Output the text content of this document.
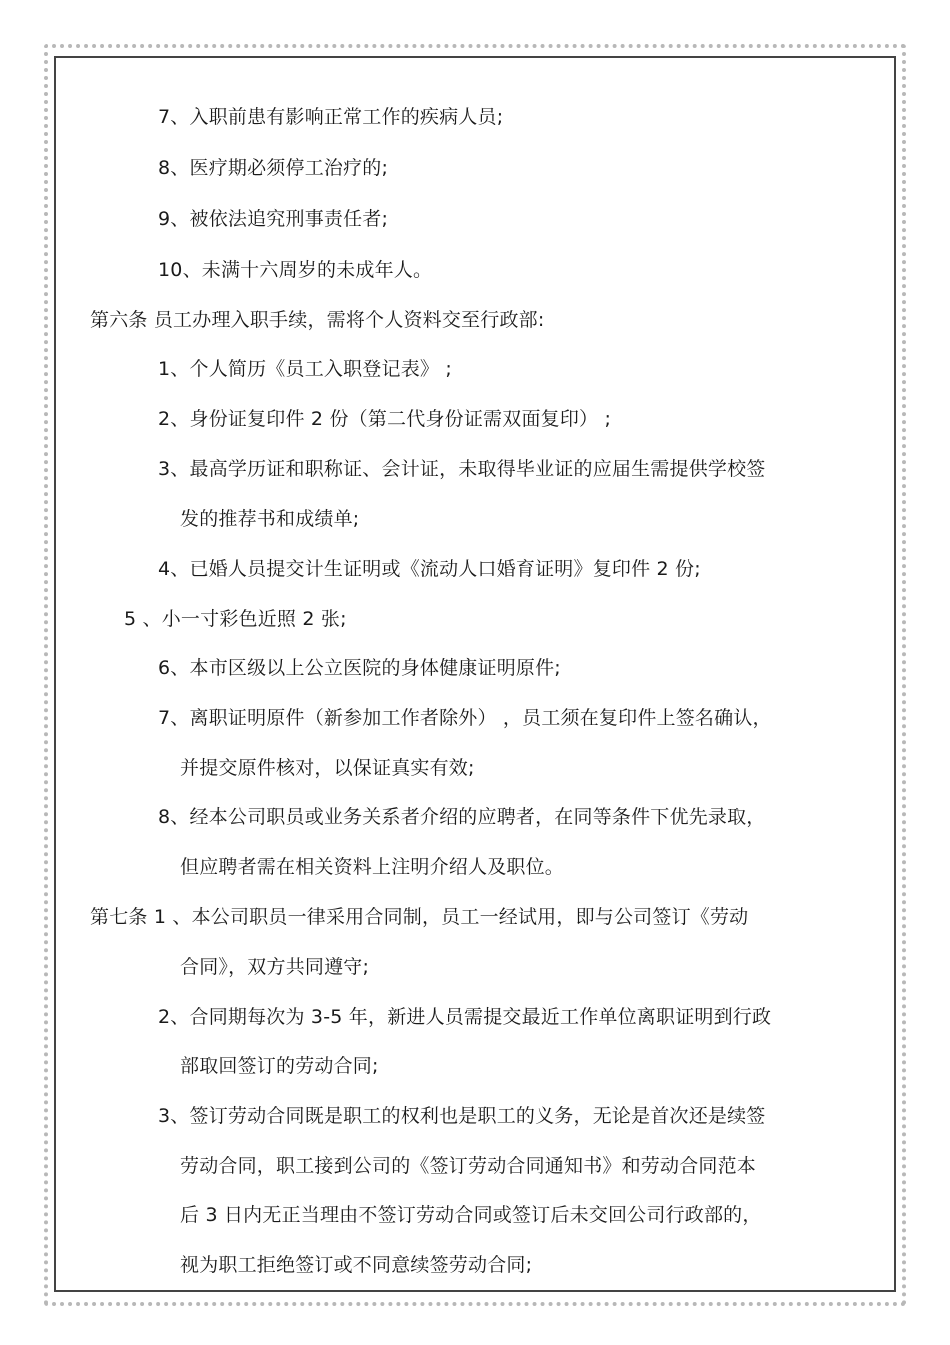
7、入职前患有影响正常工作的疾病人员;
8、医疗期必须停工治疗的;
9、被依法追究刑事责任者;
10、未满十六周岁的未成年人。
第六条 员工办理入职手续，需将个人资料交至行政部:
1、个人简历《员工入职登记表》 ;
2、身份证复印件 2 份（第二代身份证需双面复印） ;
3、最高学历证和职称证、会计证，未取得毕业证的应届生需提供学校签
发的推荐书和成绩单;
4、已婚人员提交计生证明或《流动人口婚育证明》复印件 2 份;
5 、小一寸彩色近照 2 张;
6、本市区级以上公立医院的身体健康证明原件;
7、离职证明原件（新参加工作者除外） ，员工须在复印件上签名确认，
并提交原件核对，以保证真实有效;
8、经本公司职员或业务关系者介绍的应聘者，在同等条件下优先录取，
但应聘者需在相关资料上注明介绍人及职位。
第七条 1 、本公司职员一律采用合同制，员工一经试用，即与公司签订《劳动
合同》，双方共同遵守;
2、合同期每次为 3-5 年，新进人员需提交最近工作单位离职证明到行政
部取回签订的劳动合同;
3、签订劳动合同既是职工的权利也是职工的义务，无论是首次还是续签
劳动合同，职工接到公司的《签订劳动合同通知书》和劳动合同范本
后 3 日内无正当理由不签订劳动合同或签订后未交回公司行政部的，
视为职工拒绝签订或不同意续签劳动合同;
